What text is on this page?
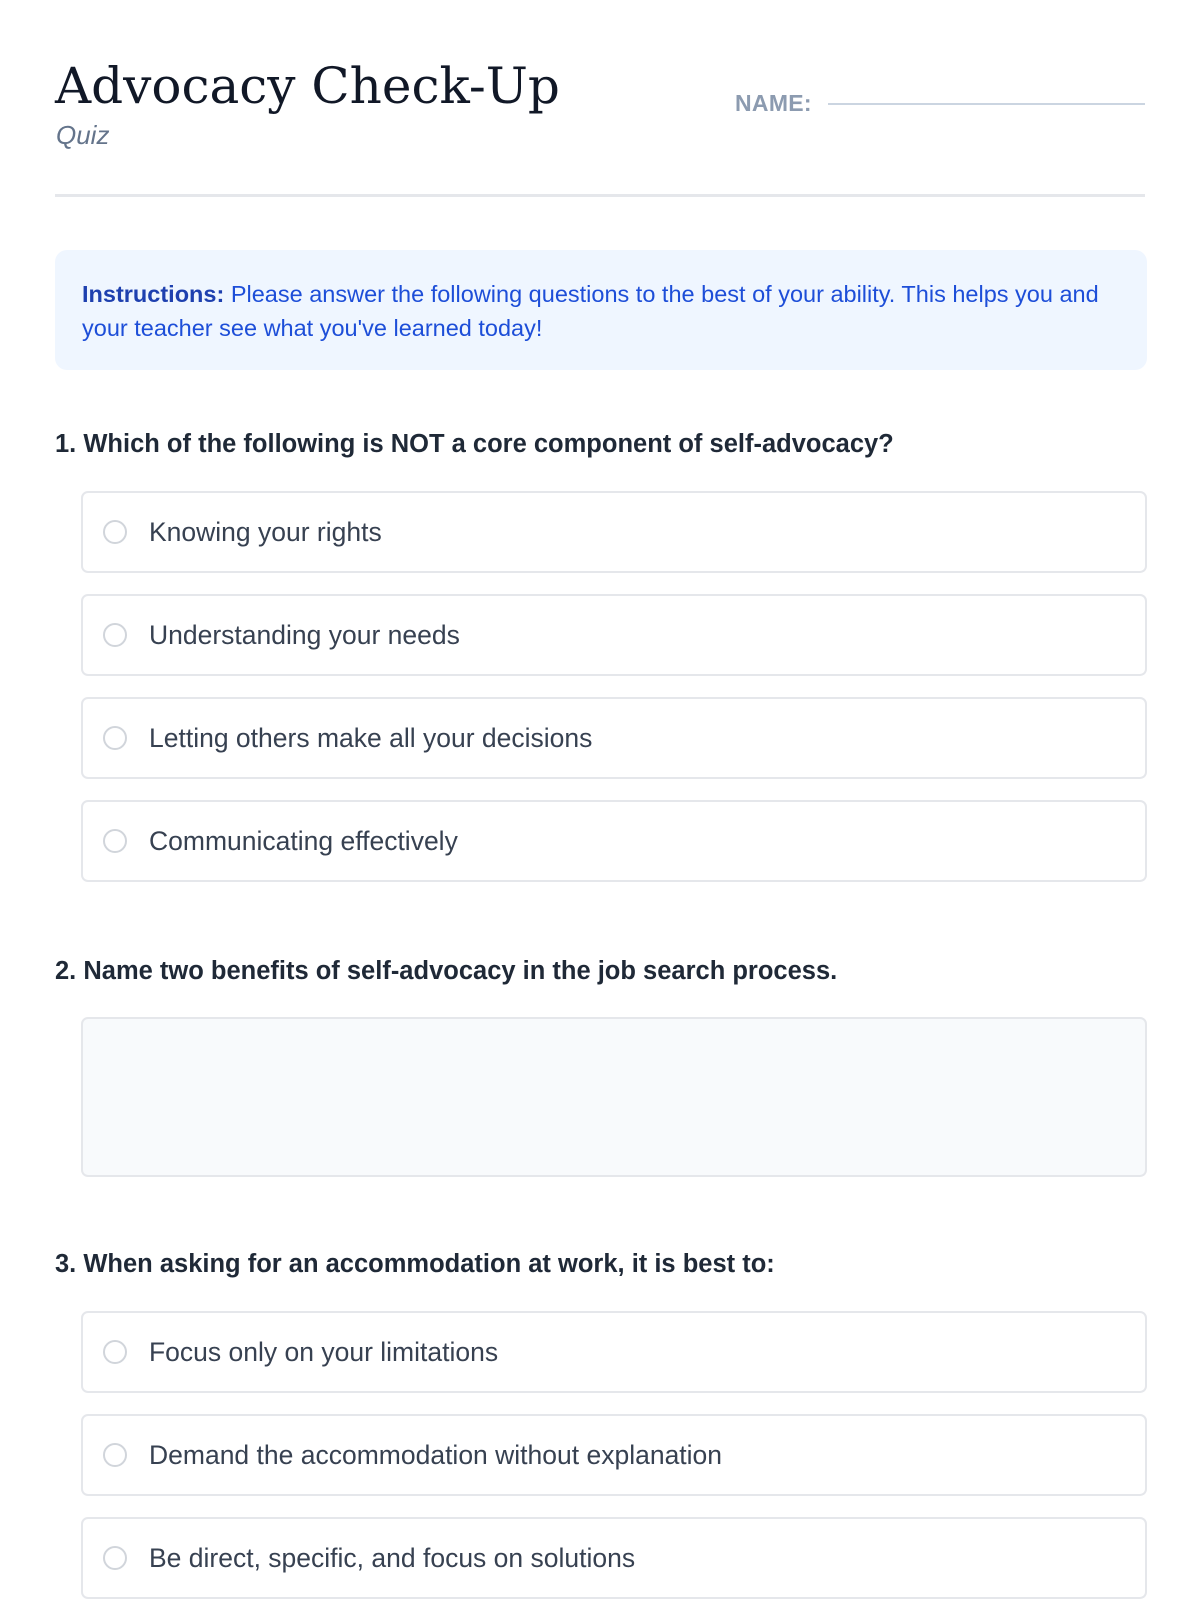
Advocacy Check-Up
Quiz
NAME:
Instructions: Please answer the following questions to the best of your ability. This helps you and your teacher see what you've learned today!
1. Which of the following is NOT a core component of self-advocacy?
Knowing your rights
Understanding your needs
Letting others make all your decisions
Communicating effectively
2. Name two benefits of self-advocacy in the job search process.
3. When asking for an accommodation at work, it is best to:
Focus only on your limitations
Demand the accommodation without explanation
Be direct, specific, and focus on solutions
